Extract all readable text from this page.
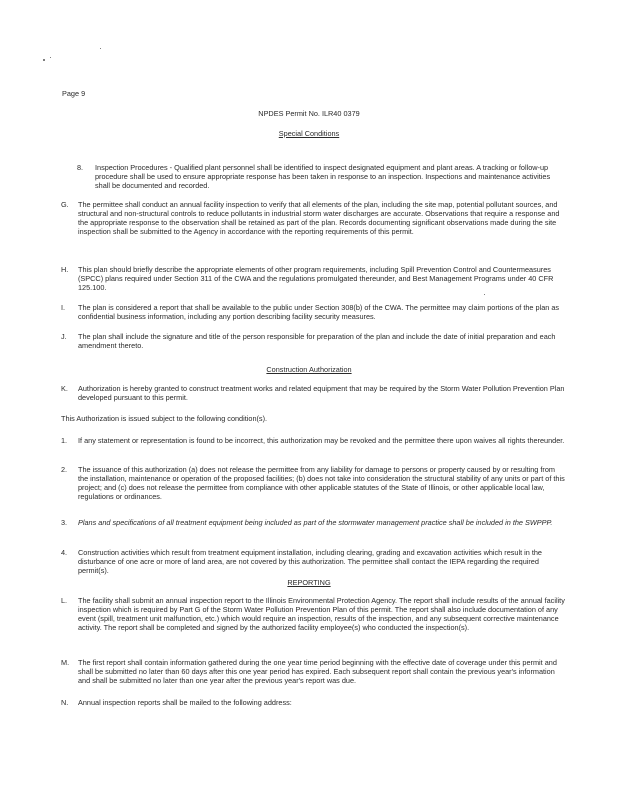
Page 9
NPDES Permit No. ILR40 0379
Special Conditions
8. Inspection Procedures - Qualified plant personnel shall be identified to inspect designated equipment and plant areas. A tracking or follow-up procedure shall be used to ensure appropriate response has been taken in response to an inspection. Inspections and maintenance activities shall be documented and recorded.
G. The permittee shall conduct an annual facility inspection to verify that all elements of the plan, including the site map, potential pollutant sources, and structural and non-structural controls to reduce pollutants in industrial storm water discharges are accurate. Observations that require a response and the appropriate response to the observation shall be retained as part of the plan. Records documenting significant observations made during the site inspection shall be submitted to the Agency in accordance with the reporting requirements of this permit.
H. This plan should briefly describe the appropriate elements of other program requirements, including Spill Prevention Control and Countermeasures (SPCC) plans required under Section 311 of the CWA and the regulations promulgated thereunder, and Best Management Programs under 40 CFR 125.100.
I. The plan is considered a report that shall be available to the public under Section 308(b) of the CWA. The permittee may claim portions of the plan as confidential business information, including any portion describing facility security measures.
J. The plan shall include the signature and title of the person responsible for preparation of the plan and include the date of initial preparation and each amendment thereto.
Construction Authorization
K. Authorization is hereby granted to construct treatment works and related equipment that may be required by the Storm Water Pollution Prevention Plan developed pursuant to this permit.
This Authorization is issued subject to the following condition(s).
1. If any statement or representation is found to be incorrect, this authorization may be revoked and the permittee there upon waives all rights thereunder.
2. The issuance of this authorization (a) does not release the permittee from any liability for damage to persons or property caused by or resulting from the installation, maintenance or operation of the proposed facilities; (b) does not take into consideration the structural stability of any units or part of this project; and (c) does not release the permittee from compliance with other applicable statutes of the State of Illinois, or other applicable local law, regulations or ordinances.
3. Plans and specifications of all treatment equipment being included as part of the stormwater management practice shall be included in the SWPPP.
4. Construction activities which result from treatment equipment installation, including clearing, grading and excavation activities which result in the disturbance of one acre or more of land area, are not covered by this authorization. The permittee shall contact the IEPA regarding the required permit(s).
REPORTING
L. The facility shall submit an annual inspection report to the Illinois Environmental Protection Agency. The report shall include results of the annual facility inspection which is required by Part G of the Storm Water Pollution Prevention Plan of this permit. The report shall also include documentation of any event (spill, treatment unit malfunction, etc.) which would require an inspection, results of the inspection, and any subsequent corrective maintenance activity. The report shall be completed and signed by the authorized facility employee(s) who conducted the inspection(s).
M. The first report shall contain information gathered during the one year time period beginning with the effective date of coverage under this permit and shall be submitted no later than 60 days after this one year period has expired. Each subsequent report shall contain the previous year's information and shall be submitted no later than one year after the previous year's report was due.
N. Annual inspection reports shall be mailed to the following address:
